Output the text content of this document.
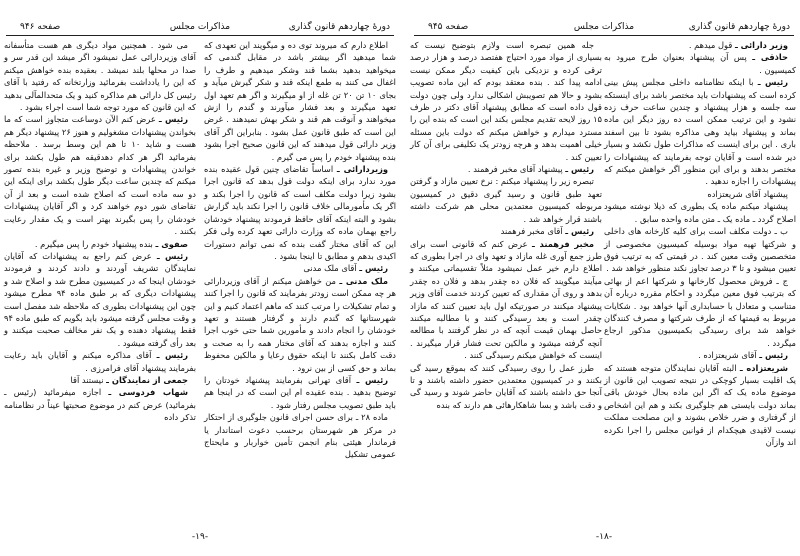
دورهٔ چهاردهم قانون گذاری
مذاکرات مجلس
صفحه ۹۴۶

اطلاع دارم که میروند توی ده و میگویند این تعهدی که شما میدهید اگر بیشتر باشد در مقابل گندمی که میخواهید بدهید بشما قند وشکر میدهیم و طرف را اغفال می کنند به طمع اینکه قند و شکر گیرش میآید و بجای ۱۰ تن ۲۰ تن غله از او میگیرند و اگر هم تعهد اول تعهد میگیرند و بعد فشار میآورند و گندم را ازش میخواهند و آنوقت هم قند و شکر بهش نمیدهند . غرض این است که طبق قانون عمل بشود . بنابراین اگر آقای وزیر دارائی قول میدهند که این قانون صحیح اجرا بشود بنده پیشنهاد خودم را پس می گیرم .

وزیردارائی ـ اساساً تقاضای چنین قول عقیده بنده مورد ندارد برای اینکه دولت قول بدهد که قانون اجرا بشود زیرا دولت مکلف است که قانون را اجرا بکند و اگر یک مأمورمالی خلاف قانون را اجرا نکند باید گزارش بشود و البته اینکه آقای حافظ فرمودند پیشنهاد خودشان راجع بهمان ماده که وزارت دارائی تعهد کرده ولی فکر این که آقای مختار گفت بنده که نمی توانم دستورات اکیدی بدهم و مطابق تا اینجا بشود .

رئیس ـ آقای ملک مدنی

ملک مدنی ـ من خواهش میکنم از آقای وزیردارائی هر چه ممکن است زودتر بفرمایند که قانون را اجرا کنند و تمام تشکیلات را مرتب کنند که ماهم اعتماد کنیم و این شهرستانها که گندم دارند و گرفتار هستند و تعهد خودشان را انجام دادند و مأمورین شما حتی خوب اجرا کنند و اجازه بدهند که آقای مختار همه را به صحت و دقت کامل بکنند تا اینکه حقوق رعایا و مالکین محفوظ بماند و حق کسی از بین نرود .

رئیس ـ آقای تهرانی بفرمایند پیشنهاد خودتان را توضیح بدهید . بنده عقیده ام این است که در اینجا هم باید طبق تصویب مجلس رفتار شود .

ماده ۲۸ ـ برای حسن اجرای قانون جلوگیری از احتکار در مرکز هر شهرستان برحسب دعوت استاندار یا فرماندار هیئتی بنام انجمن تأمین خواربار و مایحتاج عمومی تشکیل

می شود . همچنین مواد دیگری هم هست متأسفانه آقای وزیردارائی عمل نمیشود اگر میشد این قدر سر و صدا در محلها بلند نمیشد . بعقیده بنده خواهش میکنم که این را یادداشت بفرمائید وزارتخانه که رفتید با آقای رئیس کل دارائی هم مذاکره کنید و یک متحدالمآلی بدهید که این قانون که مورد توجه شما است اجراء بشود .

رئیس ـ عرض کنم الآن دوساعت متجاوز است که ما بخواندن پیشنهادات مشغولیم و هنوز ۲۶ پیشنهاد دیگر هم هست و شاید ۱۰ تا هم این وسط برسد . ملاحظه بفرمائید اگر هر کدام دهدقیقه هم طول بکشد برای خواندن پیشنهادات و توضیح وزیر و غیره بنده تصور میکنم که چندین ساعت دیگر طول بکشد برای اینکه این دو سه ماده است که اصلاح شده است و بعد از آن تقاضای شور دوم خواهند کرد و اگر آقایان پیشنهادات خودشان را پس بگیرند بهتر است و یک مقدار رعایت بکنند .

صفوی ـ بنده پیشنهاد خودم را پس میگیرم .

رئیس ـ عرض کنم راجع به پیشنهادات که آقایان نمایندگان تشریف آوردند و دادند کردند و فرمودند خودشان اینجا که در کمیسیون مطرح شد و اصلاح شد و پیشنهادات دیگری که بر طبق ماده ۹۴ مطرح میشود چون این پیشنهادات بطوری که ملاحظه شد مفصل است و وقت مجلس گرفته میشود باید بگویم که طبق ماده ۹۴ فقط پیشنهاد دهنده و یک نفر مخالف صحبت میکنند و بعد رأی گرفته میشود .

رئیس ـ آقای مذاکره میکنم و آقایان باید رعایت بفرمایند پیشنهاد آقای فرامرزی .

جمعی از نمایندگان ـ نیستند آقا

شهاب فردوسی ـ اجازه میفرمائید (رئیس ـ بفرمائید) عرض کنم در موضوع صحبتها عیناً در نظامنامه تذکر داده

-۱۹-
دورهٔ چهاردهم قانون گذاری
مذاکرات مجلس
صفحه ۹۴۵

وزیر دارائی ـ قول میدهم .

حاذقی ـ پس آن پیشنهاد بعنوان طرح میرود به کمیسیون .

رئیس ـ با اینکه نظامنامه داخلی مجلس پیش بینی کرده است که پیشنهادات باید مختصر باشد برای اینستکه سه جلسه و هزار پیشنهاد و چندین ساعت حرف زده نشود و این ترتیب ممکن است ده روز دیگر این ماده بماند و پیشنهاد بیاید وهی مذاکره بشود تا بین اسفند باری . این برای اینست که مذاکرات طول نکشد و بسیار دیر شده است و آقایان توجه بفرمایند که پیشنهادات را مختصر بدهند و برای این منظور اگر خواهش میکنم که پیشنهادات را اجازه ندهید .

پیشنهاد آقای شریعتزاده

پیشنهاد میکنم ماده یک بطوری که ذیلا نوشته میشود اصلاح گردد ـ ماده یک ـ متن ماده واحده سابق .

ب ـ دولت مکلف است برای کلیه کارخانه های داخلی و شرکتها تهیه مواد بوسیله کمیسیون مخصوصی از متخصصین وقت معین کند . در قیمتی که به ترتیب فوق تعیین میشود و تا ۳ درصد تجاوز نکند منظور خواهد شد .

ج ـ فروش محصول کارخانها و شرکتها اعم از بهائی که بترتیب فوق معین میگردد و احکام مقرره درباره آن متناسب و متعادل با حسابداری آنها خواهد بود . شکایات مربوط به قیمتها که از طرف شرکتها و مصرف کنندگان خواهد شد برای رسیدگی بکمیسیون مذکور ارجاع میگردد .

رئیس ـ آقای شریعتزاده .

شریعتزاده ـ البته آقایان نمایندگان متوجه هستند که یک اقلیت بسیار کوچکی در نتیجه تصویب این قانون از موضوع ماده یک که اگر این ماده بحال خودش باقی بماند دولت بایستی هم جلوگیری بکند و هم این اشخاص از گرفتاری و ضرر خلاص بشوند و این مصلحت مملکت نیست لاقیدی هیچکدام از قوانین مجلس را اجرا نکرده اند وازآن

جله همین تبصره است ولازم بتوضیح نیست که بسیاری از مواد مورد احتیاج هفتصد درصد و هزار درصد ترقی کرده و نزدیکی باین کیفیت دیگر ممکن نیست ادامه پیدا کند . بنده معتقد بودم که این ماده تصویب بشود و حالا هم تصویبش اشکالی ندارد ولی چون دولت قول داده است که مطابق پیشنهاد آقای دکتر در ظرف ۱۵ روز لایحه تقدیم مجلس بکند این است که بنده این را مسترد میدارم و خواهش میکنم که دولت باین مسئله خیلی اهمیت بدهد و هرچه زودتر یک تکلیفی برای آن کار تعیین کند .

رئیس ـ پیشنهاد آقای مخبر فرهمند .

تبصره زیر را پیشنهاد میکنم : نرخ تعیین مازاد و گرفتن تعهد طبق قانون و رسید گیری دقیق در کمیسیون مربوطه کمیسیون معتمدین محلی هم شرکت داشته باشند قرار خواهد شد .

رئیس ـ آقای مخبر فرهمند

مخبر فرهمند ـ عرض کنم که قانونی است برای طرز جمع آوری غله مازاد و تعهد وای در اجرا بطوری که اطلاع دارم خیر عمل نمیشود مثلاً تقسیماتی میکنند و میآیند میگویند که فلان ده چقدر بدهد و فلان ده چقدر بدهد و روی آن مقداری که تعیین کردند خدمت آقای وزیر پیشنهاد میکنند در صورتیکه اول باید تعیین کنند که مازاد چقدر است و بعد رسیدگی کنند و با مطالبه میکنند حاصل بهمان قیمت آنچه که در نظر گرفتند با مطالعه آنچه گرفته میشود و مالکین تحت فشار قرار میگیرند . اینست که خواهش میکنم رسیدگی کنند .

طرز عمل را روی رسیدگی کنند که بموقع رسید گی بکنند و در کمیسیون معتمدین حضور داشته باشند و تا آنجا حق داشته باشند که آقایان حاضر شوند و رسید گی و دقت باشد و بسا شاهکارهائی هم دارند که بنده

-۱۸-
